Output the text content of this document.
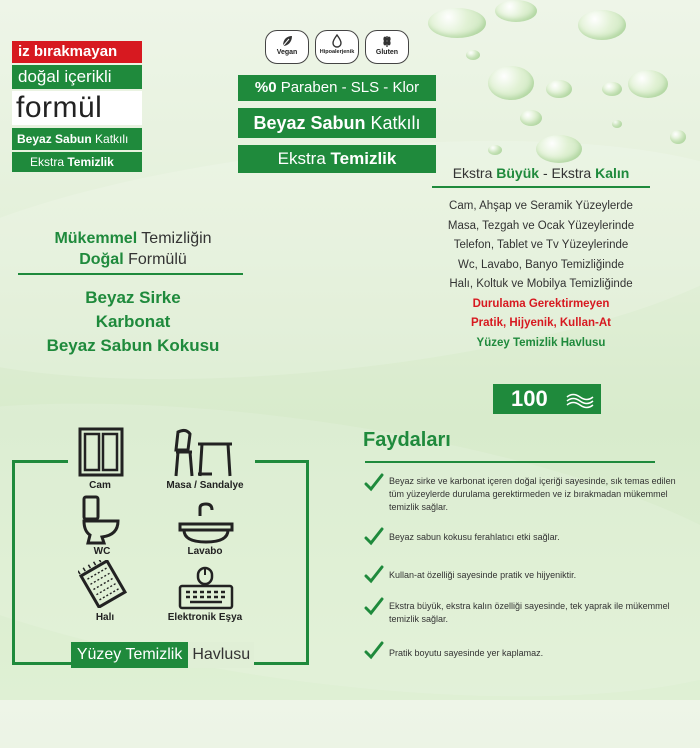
iz bırakmayan
doğal içerikli
formül
Beyaz Sabun Katkılı
Ekstra Temizlik
Vegan	Hipoalerjenik	Gluten
%0 Paraben - SLS - Klor
Beyaz Sabun Katkılı
Ekstra Temizlik
Ekstra Büyük - Ekstra Kalın
Cam, Ahşap ve Seramik Yüzeylerde
Masa, Tezgah ve Ocak Yüzeylerinde
Telefon, Tablet ve Tv Yüzeylerinde
Wc, Lavabo, Banyo Temizliğinde
Halı, Koltuk ve Mobilya Temizliğinde
Durulama Gerektirmeyen
Pratik, Hijyenik, Kullan-At
Yüzey Temizlik Havlusu
Mükemmel Temizliğin
Doğal Formülü
Beyaz Sirke
Karbonat
Beyaz Sabun Kokusu
100
Faydaları
Beyaz sirke ve karbonat içeren doğal içeriği sayesinde, sık temas edilen tüm yüzeylerde durulama gerektirmeden ve iz bırakmadan mükemmel temizlik sağlar.
Beyaz sabun kokusu ferahlatıcı etki sağlar.
Kullan-at özelliği sayesinde pratik ve hijyeniktir.
Ekstra büyük, ekstra kalın özelliği sayesinde, tek yaprak ile mükemmel temizlik sağlar.
Pratik boyutu sayesinde yer kaplamaz.
Cam	Masa / Sandalye
WC	Lavabo
Halı	Elektronik Eşya
Yüzey Temizlik Havlusu
